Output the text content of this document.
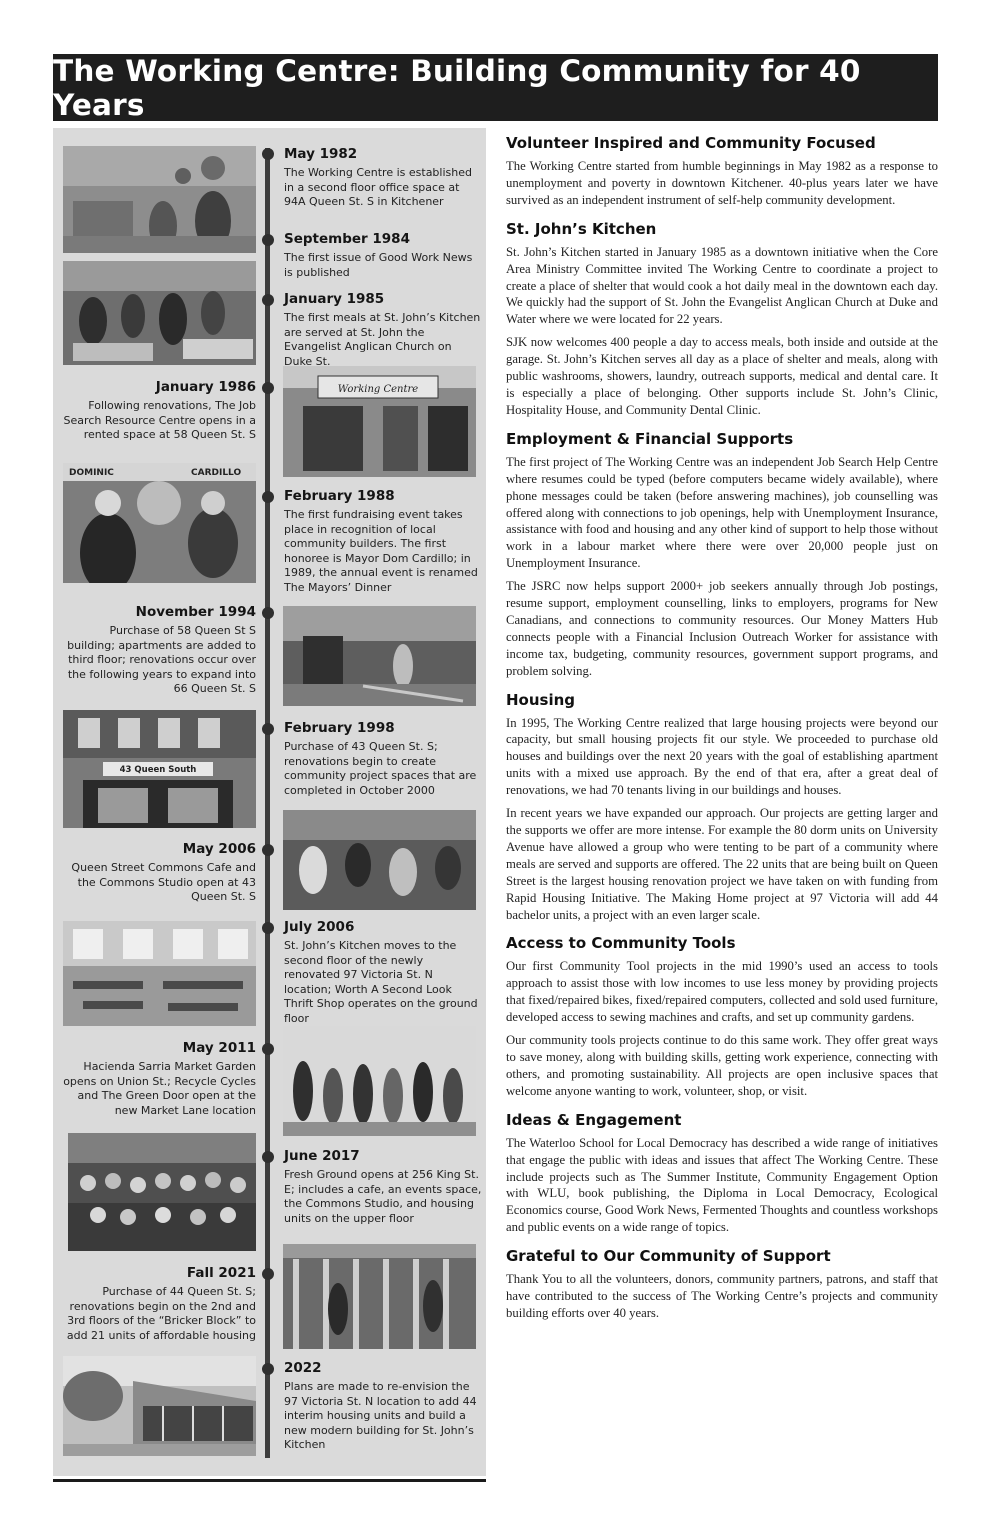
The Working Centre: Building Community for 40 Years
Working Centre
DOMINIC	CARDILLO
43 Queen South
May 1982
The Working Centre is established in a second floor office space at 94A Queen St. S in Kitchener
September 1984
The first issue of Good Work News is published
January 1985
The first meals at St. John’s Kitchen are served at St. John the Evangelist Anglican Church on Duke St.
January 1986
Following renovations, The Job Search Resource Centre opens in a rented space at 58 Queen St. S
February 1988
The first fundraising event takes place in recognition of local community builders. The first honoree is Mayor Dom Cardillo; in 1989, the annual event is renamed The Mayors’ Dinner
November 1994
Purchase of 58 Queen St S building; apartments are added to third floor; renovations occur over the following years to expand into 66 Queen St. S
February 1998
Purchase of 43 Queen St. S; renovations begin to create community project spaces that are completed in October 2000
May 2006
Queen Street Commons Cafe and the Commons Studio open at 43 Queen St. S
July 2006
St. John’s Kitchen moves to the second floor of the newly renovated 97 Victoria St. N location; Worth A Second Look Thrift Shop operates on the ground floor
May 2011
Hacienda Sarria Market Garden opens on Union St.; Recycle Cycles and The Green Door open at the new Market Lane location
June 2017
Fresh Ground opens at 256 King St. E; includes a cafe, an events space, the Commons Studio, and housing units on the upper floor
Fall 2021
Purchase of 44 Queen St. S; renovations begin on the 2nd and 3rd floors of the “Bricker Block” to add 21 units of affordable housing
2022
Plans are made to re-envision the 97 Victoria St. N location to add 44 interim housing units and build a new modern building for St. John’s Kitchen
Volunteer Inspired and Community Focused

The Working Centre started from humble beginnings in May 1982 as a response to unemployment and poverty in downtown Kitchener. 40-plus years later we have survived as an independent instrument of self-help community development.

St. John’s Kitchen

St. John’s Kitchen started in January 1985 as a downtown initiative when the Core Area Ministry Committee invited The Working Centre to coordinate a project to create a place of shelter that would cook a hot daily meal in the downtown each day. We quickly had the support of St. John the Evangelist Anglican Church at Duke and Water where we were located for 22 years.

SJK now welcomes 400 people a day to access meals, both inside and outside at the garage. St. John’s Kitchen serves all day as a place of shelter and meals, along with public washrooms, showers, laundry, outreach supports, medical and dental care. It is especially a place of belonging. Other supports include St. John’s Clinic, Hospitality House, and Community Dental Clinic.

Employment & Financial Supports

The first project of The Working Centre was an independent Job Search Help Centre where resumes could be typed (before computers became widely available), where phone messages could be taken (before answering machines), job counselling was offered along with connections to job openings, help with Unemployment Insurance, assistance with food and housing and any other kind of support to help those without work in a labour market where there were over 20,000 people just on Unemployment Insurance.

The JSRC now helps support 2000+ job seekers annually through Job postings, resume support, employment counselling, links to employers, programs for New Canadians, and connections to community resources. Our Money Matters Hub connects people with a Financial Inclusion Outreach Worker for assistance with income tax, budgeting, community resources, government support programs, and problem solving.

Housing

In 1995, The Working Centre realized that large housing projects were beyond our capacity, but small housing projects fit our style. We proceeded to purchase old houses and buildings over the next 20 years with the goal of establishing apartment units with a mixed use approach. By the end of that era, after a great deal of renovations, we had 70 tenants living in our buildings and houses.

In recent years we have expanded our approach. Our projects are getting larger and the supports we offer are more intense. For example the 80 dorm units on University Avenue have allowed a group who were tenting to be part of a community where meals are served and supports are offered. The 22 units that are being built on Queen Street is the largest housing renovation project we have taken on with funding from Rapid Housing Initiative. The Making Home project at 97 Victoria will add 44 bachelor units, a project with an even larger scale.

Access to Community Tools

Our first Community Tool projects in the mid 1990’s used an access to tools approach to assist those with low incomes to use less money by providing projects that fixed/repaired bikes, fixed/repaired computers, collected and sold used furniture, developed access to sewing machines and crafts, and set up community gardens.

Our community tools projects continue to do this same work. They offer great ways to save money, along with building skills, getting work experience, connecting with others, and promoting sustainability. All projects are open inclusive spaces that welcome anyone wanting to work, volunteer, shop, or visit.

Ideas & Engagement

The Waterloo School for Local Democracy has described a wide range of initiatives that engage the public with ideas and issues that affect The Working Centre. These include projects such as The Summer Institute, Community Engagement Option with WLU, book publishing, the Diploma in Local Democracy, Ecological Economics course, Good Work News, Fermented Thoughts and countless workshops and public events on a wide range of topics.

Grateful to Our Community of Support

Thank You to all the volunteers, donors, community partners, patrons, and staff that have contributed to the success of The Working Centre’s projects and community building efforts over 40 years.
